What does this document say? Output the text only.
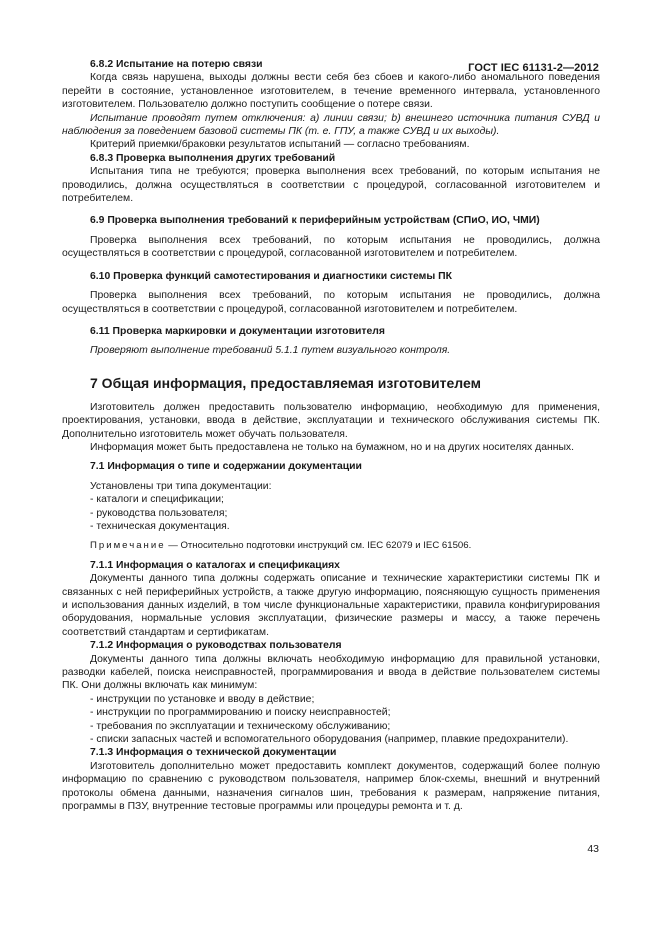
ГОСТ IEC 61131-2—2012

6.8.2 Испытание на потерю связи

Когда связь нарушена, выходы должны вести себя без сбоев и какого-либо аномального поведения перейти в состояние, установленное изготовителем, в течение временного интервала, установленного изготовителем. Пользователю должно поступить сообщение о потере связи.

Испытание проводят путем отключения: a) линии связи; b) внешнего источника питания СУВД и наблюдения за поведением базовой системы ПК (т. е. ГПУ, а также СУВД и их выходы).

Критерий приемки/браковки результатов испытаний — согласно требованиям.

6.8.3 Проверка выполнения других требований

Испытания типа не требуются; проверка выполнения всех требований, по которым испытания не проводились, должна осуществляться в соответствии с процедурой, согласованной изготовителем и потребителем.

6.9 Проверка выполнения требований к периферийным устройствам (СПиО, ИО, ЧМИ)

Проверка выполнения всех требований, по которым испытания не проводились, должна осуществляться в соответствии с процедурой, согласованной изготовителем и потребителем.

6.10 Проверка функций самотестирования и диагностики системы ПК

Проверка выполнения всех требований, по которым испытания не проводились, должна осуществляться в соответствии с процедурой, согласованной изготовителем и потребителем.

6.11 Проверка маркировки и документации изготовителя

Проверяют выполнение требований 5.1.1 путем визуального контроля.

7 Общая информация, предоставляемая изготовителем

Изготовитель должен предоставить пользователю информацию, необходимую для применения, проектирования, установки, ввода в действие, эксплуатации и технического обслуживания системы ПК. Дополнительно изготовитель может обучать пользователя.

Информация может быть предоставлена не только на бумажном, но и на других носителях данных.

7.1 Информация о типе и содержании документации

Установлены три типа документации:

- каталоги и спецификации;
- руководства пользователя;
- техническая документация.

Примечание — Относительно подготовки инструкций см. IEC 62079 и IEC 61506.

7.1.1 Информация о каталогах и спецификациях

Документы данного типа должны содержать описание и технические характеристики системы ПК и связанных с ней периферийных устройств, а также другую информацию, поясняющую сущность применения и использования данных изделий, в том числе функциональные характеристики, правила конфигурирования оборудования, нормальные условия эксплуатации, физические размеры и массу, а также перечень соответствий стандартам и сертификатам.

7.1.2 Информация о руководствах пользователя

Документы данного типа должны включать необходимую информацию для правильной установки, разводки кабелей, поиска неисправностей, программирования и ввода в действие пользователем системы ПК. Они должны включать как минимум:

- инструкции по установке и вводу в действие;
- инструкции по программированию и поиску неисправностей;
- требования по эксплуатации и техническому обслуживанию;
- списки запасных частей и вспомогательного оборудования (например, плавкие предохранители).

7.1.3 Информация о технической документации

Изготовитель дополнительно может предоставить комплект документов, содержащий более полную информацию по сравнению с руководством пользователя, например блок-схемы, внешний и внутренний протоколы обмена данными, назначения сигналов шин, требования к размерам, напряжение питания, программы в ПЗУ, внутренние тестовые программы или процедуры ремонта и т. д.

43
